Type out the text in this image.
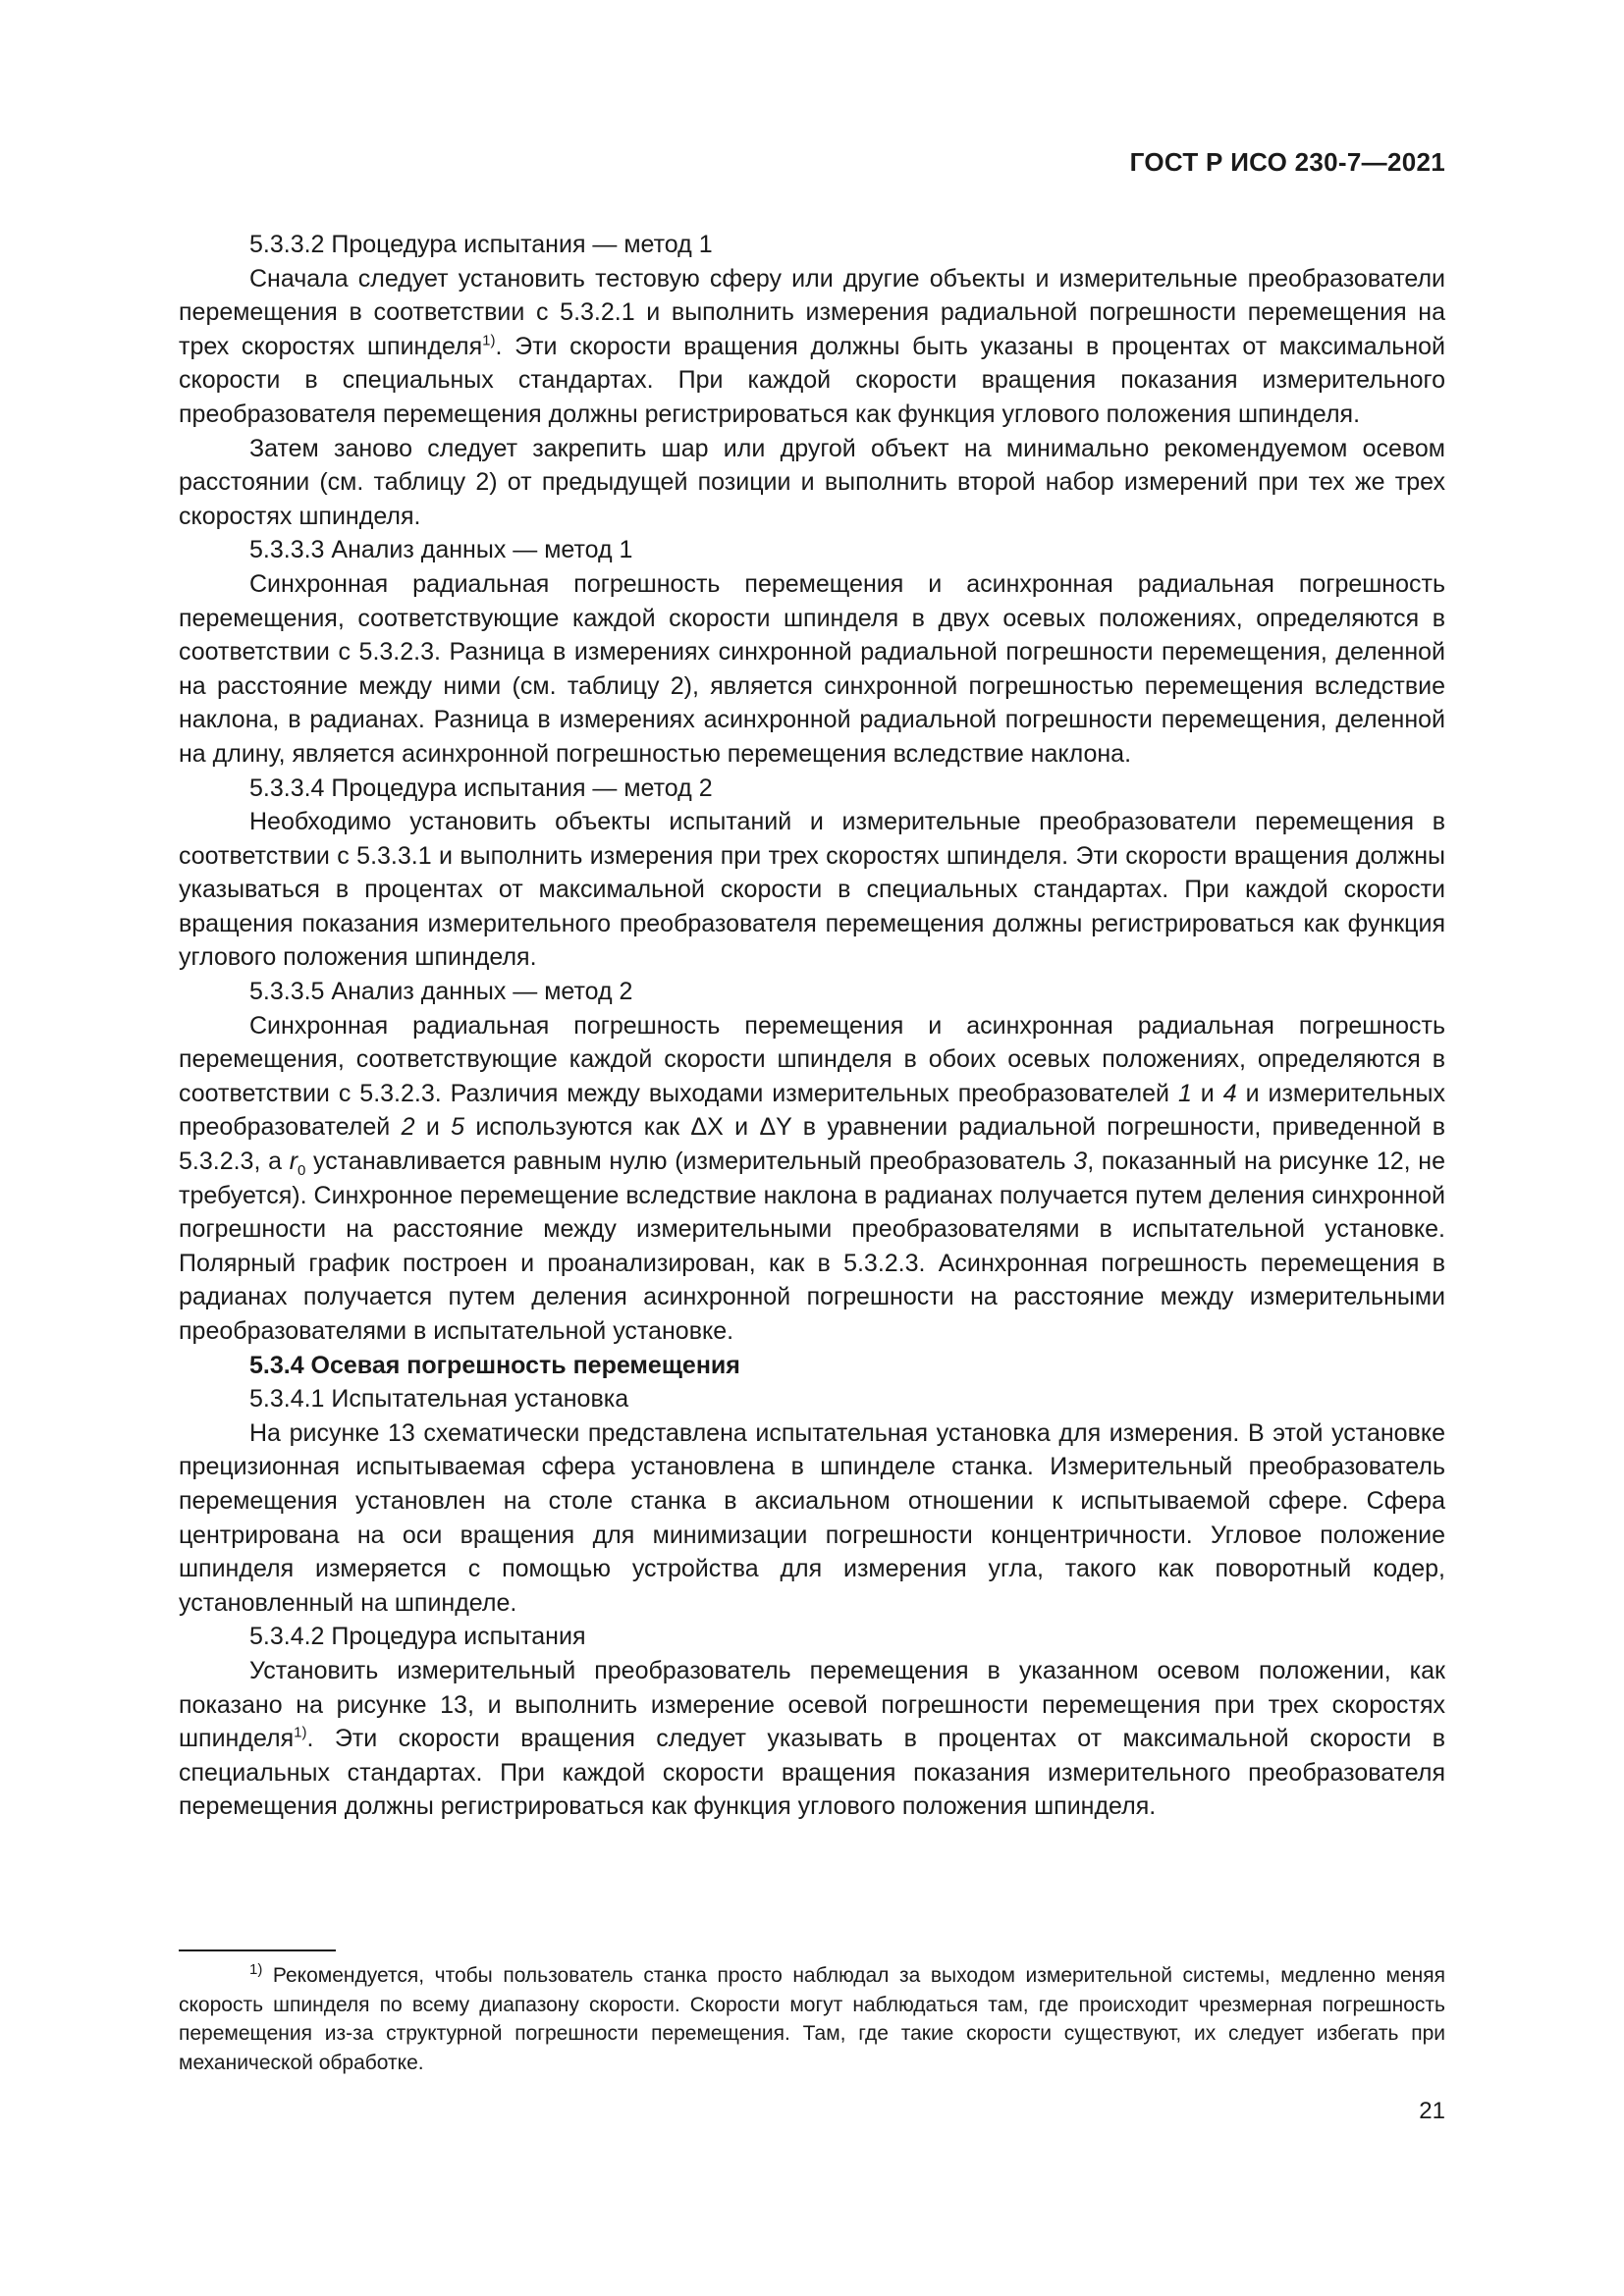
ГОСТ Р ИСО 230-7—2021

5.3.3.2 Процедура испытания — метод 1

Сначала следует установить тестовую сферу или другие объекты и измерительные преобразователи перемещения в соответствии с 5.3.2.1 и выполнить измерения радиальной погрешности перемещения на трех скоростях шпинделя$^{1)}$. Эти скорости вращения должны быть указаны в процентах от максимальной скорости в специальных стандартах. При каждой скорости вращения показания измерительного преобразователя перемещения должны регистрироваться как функция углового положения шпинделя.

Затем заново следует закрепить шар или другой объект на минимально рекомендуемом осевом расстоянии (см. таблицу 2) от предыдущей позиции и выполнить второй набор измерений при тех же трех скоростях шпинделя.

5.3.3.3 Анализ данных — метод 1

Синхронная радиальная погрешность перемещения и асинхронная радиальная погрешность перемещения, соответствующие каждой скорости шпинделя в двух осевых положениях, определяются в соответствии с 5.3.2.3. Разница в измерениях синхронной радиальной погрешности перемещения, деленной на расстояние между ними (см. таблицу 2), является синхронной погрешностью перемещения вследствие наклона, в радианах. Разница в измерениях асинхронной радиальной погрешности перемещения, деленной на длину, является асинхронной погрешностью перемещения вследствие наклона.

5.3.3.4 Процедура испытания — метод 2

Необходимо установить объекты испытаний и измерительные преобразователи перемещения в соответствии с 5.3.3.1 и выполнить измерения при трех скоростях шпинделя. Эти скорости вращения должны указываться в процентах от максимальной скорости в специальных стандартах. При каждой скорости вращения показания измерительного преобразователя перемещения должны регистрироваться как функция углового положения шпинделя.

5.3.3.5 Анализ данных — метод 2

Синхронная радиальная погрешность перемещения и асинхронная радиальная погрешность перемещения, соответствующие каждой скорости шпинделя в обоих осевых положениях, определяются в соответствии с 5.3.2.3. Различия между выходами измерительных преобразователей 1 и 4 и измерительных преобразователей 2 и 5 используются как ΔX и ΔY в уравнении радиальной погрешности, приведенной в 5.3.2.3, а $r_0$ устанавливается равным нулю (измерительный преобразователь 3, показанный на рисунке 12, не требуется). Синхронное перемещение вследствие наклона в радианах получается путем деления синхронной погрешности на расстояние между измерительными преобразователями в испытательной установке. Полярный график построен и проанализирован, как в 5.3.2.3. Асинхронная погрешность перемещения в радианах получается путем деления асинхронной погрешности на расстояние между измерительными преобразователями в испытательной установке.

5.3.4 Осевая погрешность перемещения

5.3.4.1 Испытательная установка

На рисунке 13 схематически представлена испытательная установка для измерения. В этой установке прецизионная испытываемая сфера установлена в шпинделе станка. Измерительный преобразователь перемещения установлен на столе станка в аксиальном отношении к испытываемой сфере. Сфера центрирована на оси вращения для минимизации погрешности концентричности. Угловое положение шпинделя измеряется с помощью устройства для измерения угла, такого как поворотный кодер, установленный на шпинделе.

5.3.4.2 Процедура испытания

Установить измерительный преобразователь перемещения в указанном осевом положении, как показано на рисунке 13, и выполнить измерение осевой погрешности перемещения при трех скоростях шпинделя$^{1)}$. Эти скорости вращения следует указывать в процентах от максимальной скорости в специальных стандартах. При каждой скорости вращения показания измерительного преобразователя перемещения должны регистрироваться как функция углового положения шпинделя.

$^{1)}$ Рекомендуется, чтобы пользователь станка просто наблюдал за выходом измерительной системы, медленно меняя скорость шпинделя по всему диапазону скорости. Скорости могут наблюдаться там, где происходит чрезмерная погрешность перемещения из-за структурной погрешности перемещения. Там, где такие скорости существуют, их следует избегать при механической обработке.

21
